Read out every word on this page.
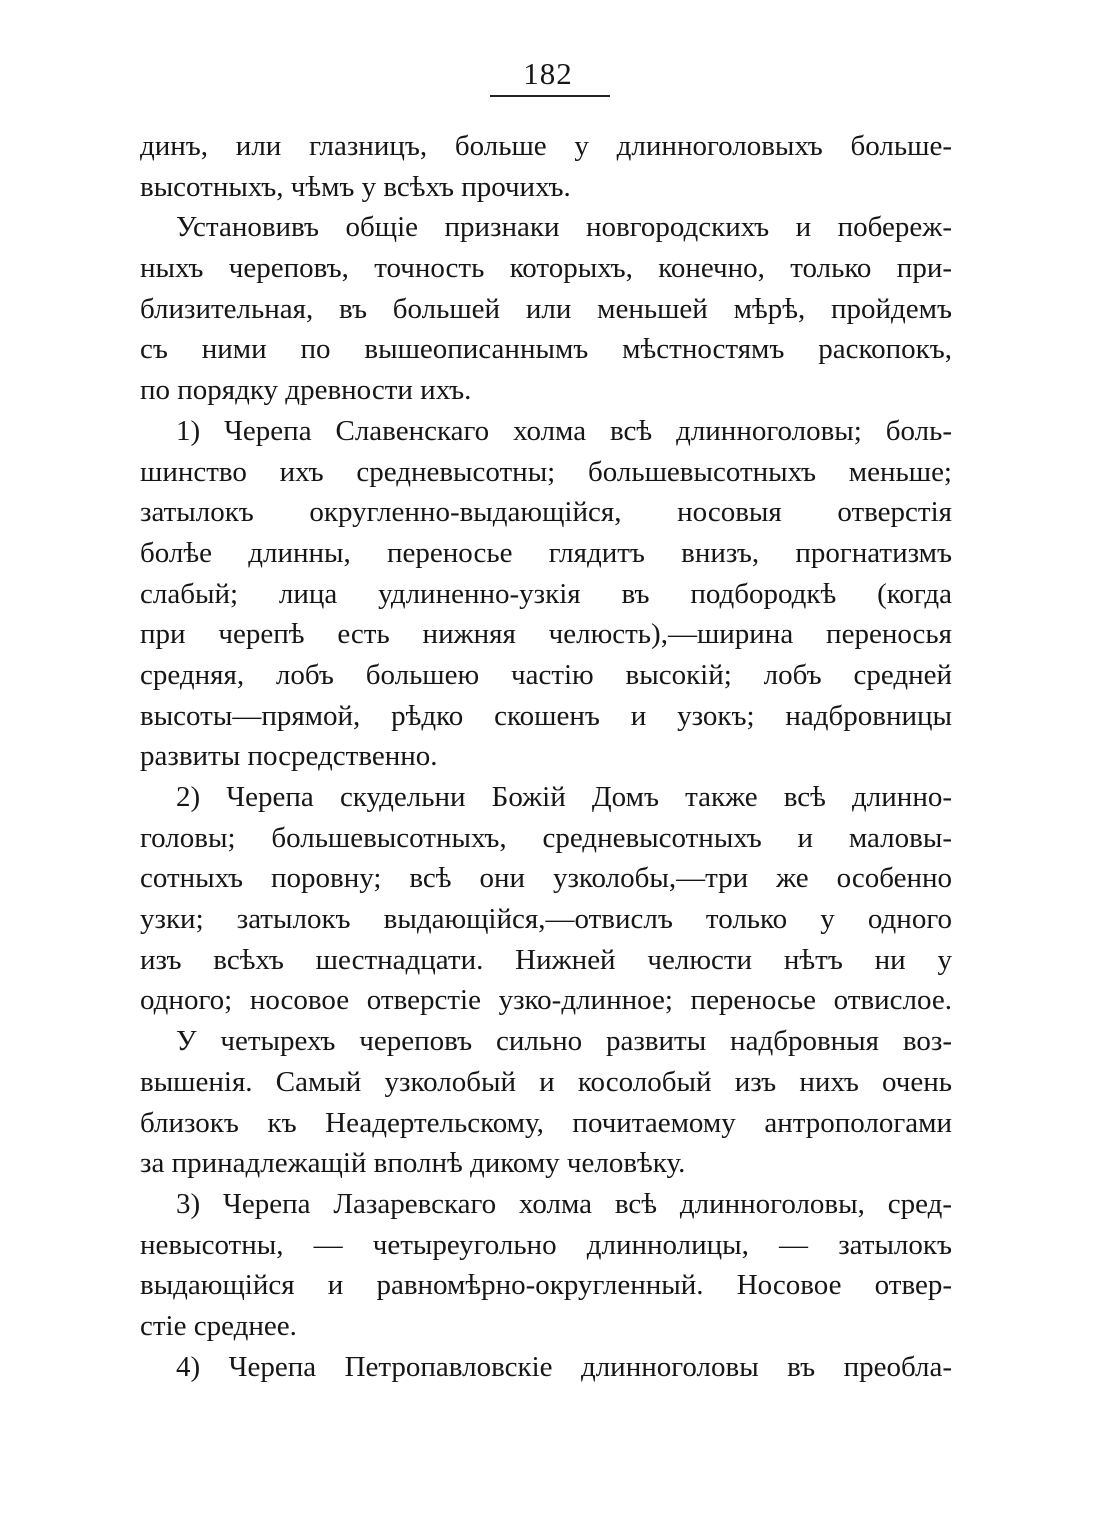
182
динъ, или глазницъ, больше у длинноголовыхъ больше-
высотныхъ, чѣмъ у всѣхъ прочихъ.
Установивъ общіе признаки новгородскихъ и побереж-
ныхъ череповъ, точность которыхъ, конечно, только при-
близительная, въ большей или меньшей мѣрѣ, пройдемъ
съ ними по вышеописаннымъ мѣстностямъ раскопокъ,
по порядку древности ихъ.
1) Черепа Славенскаго холма всѣ длинноголовы; боль-
шинство ихъ средневысотны; большевысотныхъ меньше;
затылокъ округленно-выдающійся, носовыя отверстія
болѣе длинны, переносье глядитъ внизъ, прогнатизмъ
слабый; лица удлиненно-узкія въ подбородкѣ (когда
при черепѣ есть нижняя челюсть),—ширина переносья
средняя, лобъ большею частію высокій; лобъ средней
высоты—прямой, рѣдко скошенъ и узокъ; надбровницы
развиты посредственно.
2) Черепа скудельни Божій Домъ также всѣ длинно-
головы; большевысотныхъ, средневысотныхъ и маловы-
сотныхъ поровну; всѣ они узколобы,—три же особенно
узки; затылокъ выдающійся,—отвислъ только у одного
изъ всѣхъ шестнадцати. Нижней челюсти нѣтъ ни у
одного; носовое отверстіе узко-длинное; переносье отвислое.
У четырехъ череповъ сильно развиты надбровныя воз-
вышенія. Самый узколобый и косолобый изъ нихъ очень
близокъ къ Неадертельскому, почитаемому антропологами
за принадлежащій вполнѣ дикому человѣку.
3) Черепа Лазаревскаго холма всѣ длинноголовы, сред-
невысотны, — четыреугольно длиннолицы, — затылокъ
выдающійся и равномѣрно-округленный. Носовое отвер-
стіе среднее.
4) Черепа Петропавловскіе длинноголовы въ преобла-
